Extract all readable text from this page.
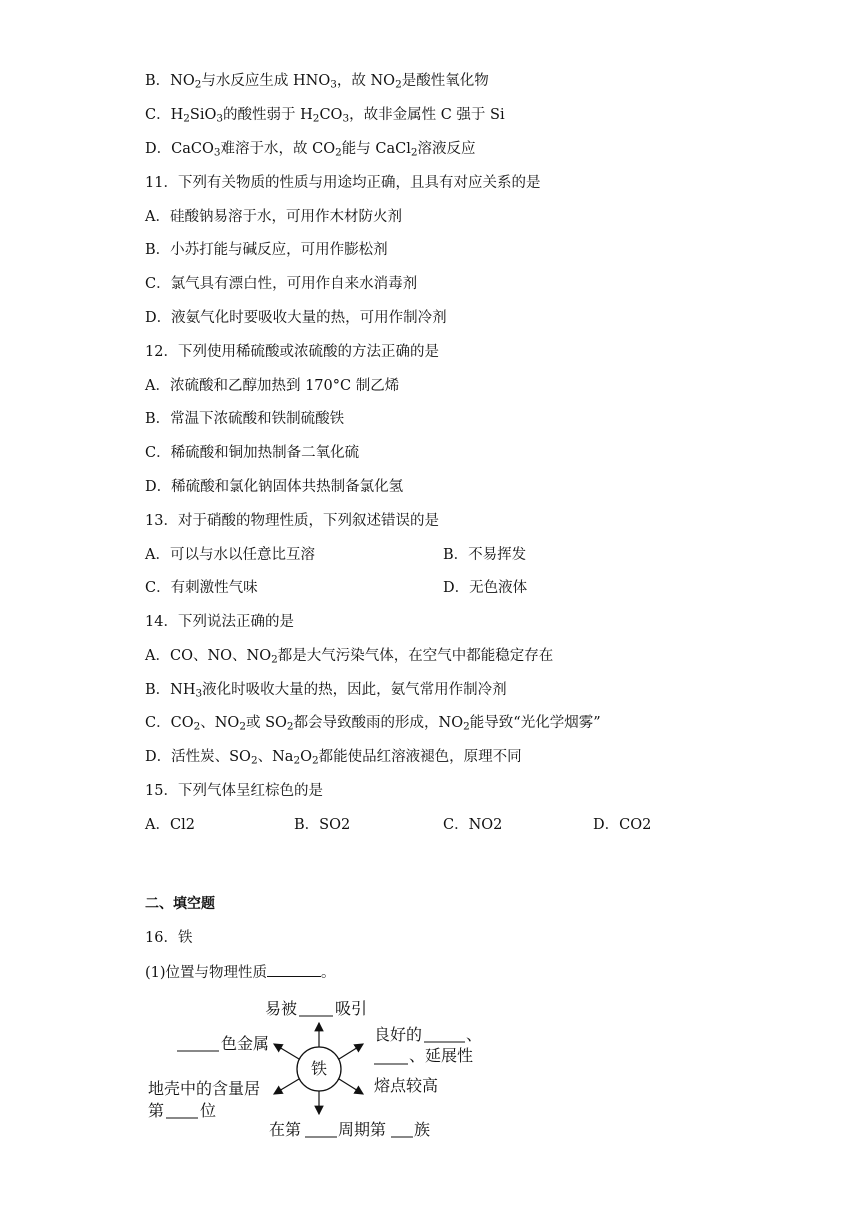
B．$NO_2$与水反应生成 $HNO_3$，故 $NO_2$是酸性氧化物
C．$H_2SiO_3$的酸性弱于 $H_2CO_3$，故非金属性 C 强于 Si
D．CaCO$_3$难溶于水，故 $CO_2$能与 CaCl$_2$溶液反应
11．下列有关物质的性质与用途均正确，且具有对应关系的是
A．硅酸钠易溶于水，可用作木材防火剂
B．小苏打能与碱反应，可用作膨松剂
C．氯气具有漂白性，可用作自来水消毒剂
D．液氨气化时要吸收大量的热，可用作制冷剂
12．下列使用稀硫酸或浓硫酸的方法正确的是
A．浓硫酸和乙醇加热到 170°C 制乙烯
B．常温下浓硫酸和铁制硫酸铁
C．稀硫酸和铜加热制备二氧化硫
D．稀硫酸和氯化钠固体共热制备氯化氢
13．对于硝酸的物理性质，下列叙述错误的是
A．可以与水以任意比互溶	B．不易挥发
C．有刺激性气味	D．无色液体
14．下列说法正确的是
A．CO、NO、$NO_2$都是大气污染气体，在空气中都能稳定存在
B．$NH_3$液化时吸收大量的热，因此，氨气常用作制冷剂
C．$CO_2$、$NO_2$或 $SO_2$都会导致酸雨的形成，$NO_2$能导致“光化学烟雾”
D．活性炭、$SO_2$、$Na_2O_2$都能使品红溶液褪色，原理不同
15．下列气体呈红棕色的是
A．Cl2	B．SO2	C．NO2	D．CO2
二、填空题
16．铁
(1)位置与物理性质	。
铁
易被 吸引
色金属	良好的	、
、延展性
熔点较高
地壳中的含量居
第 位
在第 周期第 族
